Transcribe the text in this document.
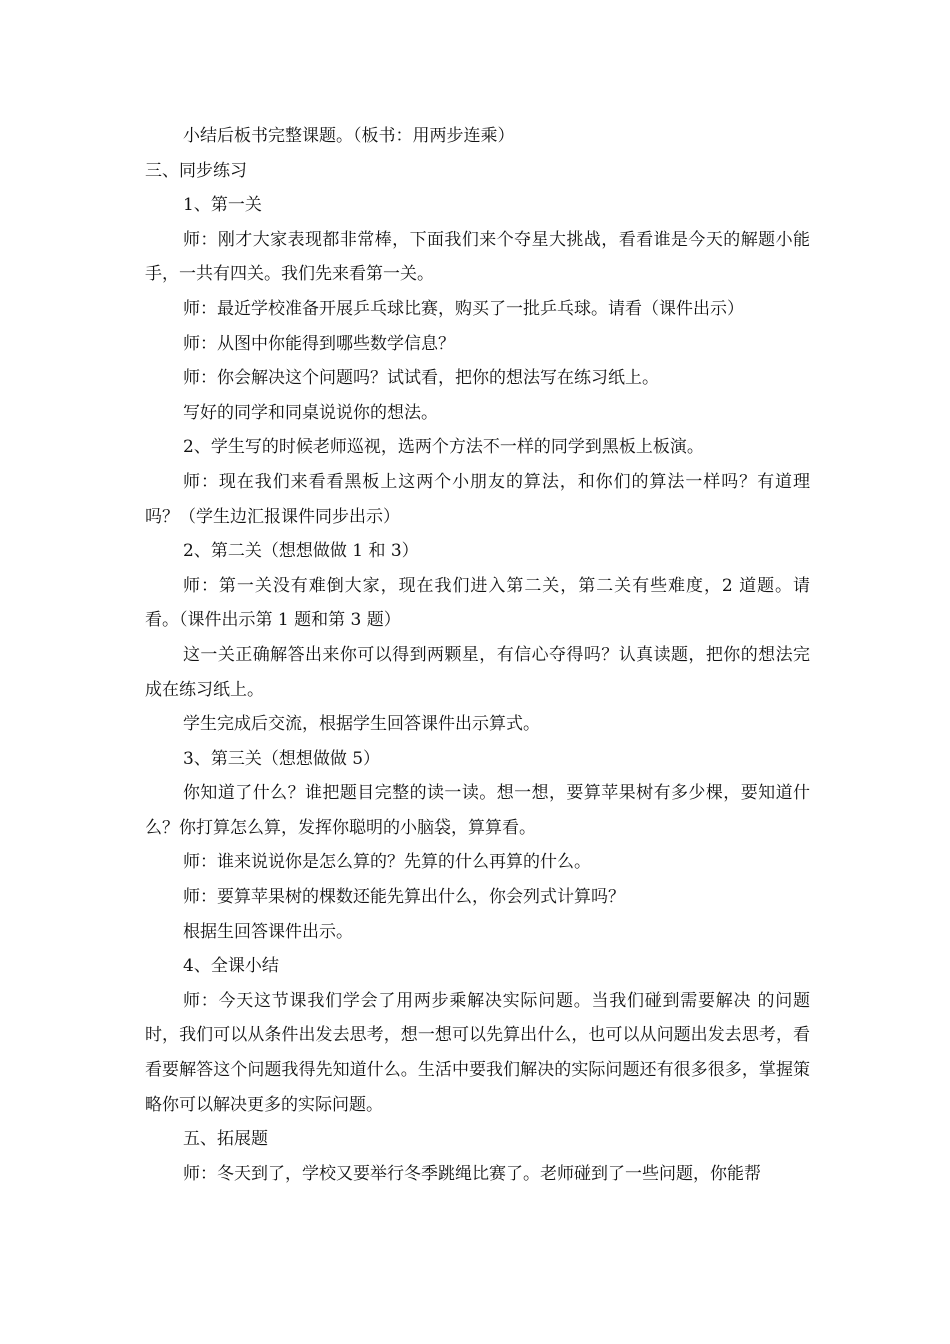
小结后板书完整课题。（板书：用两步连乘）

三、同步练习

1、第一关

师：刚才大家表现都非常棒，下面我们来个夺星大挑战，看看谁是今天的解题小能手，一共有四关。我们先来看第一关。

师：最近学校准备开展乒乓球比赛，购买了一批乒乓球。请看（课件出示）

师：从图中你能得到哪些数学信息？

师：你会解决这个问题吗？试试看，把你的想法写在练习纸上。

写好的同学和同桌说说你的想法。

2、学生写的时候老师巡视，选两个方法不一样的同学到黑板上板演。

师：现在我们来看看黑板上这两个小朋友的算法，和你们的算法一样吗？有道理吗？（学生边汇报课件同步出示）

2、第二关（想想做做 1 和 3）

师：第一关没有难倒大家，现在我们进入第二关，第二关有些难度，2 道题。请看。（课件出示第 1 题和第 3 题）

这一关正确解答出来你可以得到两颗星，有信心夺得吗？认真读题，把你的想法完成在练习纸上。

学生完成后交流，根据学生回答课件出示算式。

3、第三关（想想做做 5）

你知道了什么？谁把题目完整的读一读。想一想，要算苹果树有多少棵，要知道什么？你打算怎么算，发挥你聪明的小脑袋，算算看。

师：谁来说说你是怎么算的？先算的什么再算的什么。

师：要算苹果树的棵数还能先算出什么，你会列式计算吗？

根据生回答课件出示。

4、全课小结

师：今天这节课我们学会了用两步乘解决实际问题。当我们碰到需要解决 的问题时，我们可以从条件出发去思考，想一想可以先算出什么，也可以从问题出发去思考，看看要解答这个问题我得先知道什么。生活中要我们解决的实际问题还有很多很多，掌握策略你可以解决更多的实际问题。

五、拓展题

师：冬天到了，学校又要举行冬季跳绳比赛了。老师碰到了一些问题，你能帮
